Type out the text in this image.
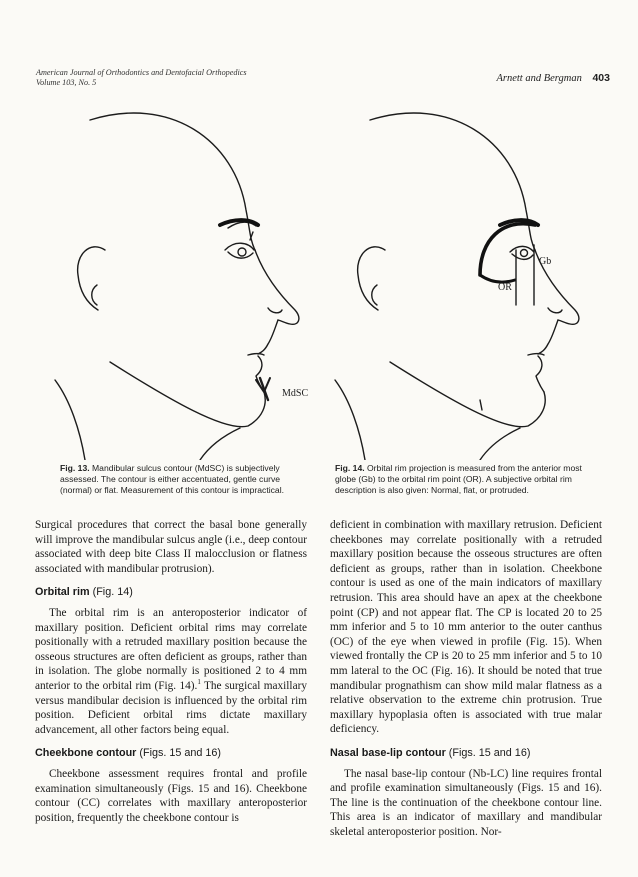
American Journal of Orthodontics and Dentofacial Orthopedics
Volume 103, No. 5	Arnett and Bergman 403
MdSC
Gb
OR
Fig. 13. Mandibular sulcus contour (MdSC) is subjectively assessed. The contour is either accentuated, gentle curve (normal) or flat. Measurement of this contour is impractical.
Fig. 14. Orbital rim projection is measured from the anterior most globe (Gb) to the orbital rim point (OR). A subjective orbital rim description is also given: Normal, flat, or protruded.

Surgical procedures that correct the basal bone generally will improve the mandibular sulcus angle (i.e., deep contour associated with deep bite Class II malocclusion or flatness associated with mandibular protrusion).

Orbital rim (Fig. 14)

The orbital rim is an anteroposterior indicator of maxillary position. Deficient orbital rims may correlate positionally with a retruded maxillary position because the osseous structures are often deficient as groups, rather than in isolation. The globe normally is positioned 2 to 4 mm anterior to the orbital rim (Fig. 14).$^1$ The surgical maxillary versus mandibular decision is influenced by the orbital rim position. Deficient orbital rims dictate maxillary advancement, all other factors being equal.

Cheekbone contour (Figs. 15 and 16)

Cheekbone assessment requires frontal and profile examination simultaneously (Figs. 15 and 16). Cheekbone contour (CC) correlates with maxillary anteroposterior position, frequently the cheekbone contour is

deficient in combination with maxillary retrusion. Deficient cheekbones may correlate positionally with a retruded maxillary position because the osseous structures are often deficient as groups, rather than in isolation. Cheekbone contour is used as one of the main indicators of maxillary retrusion. This area should have an apex at the cheekbone point (CP) and not appear flat. The CP is located 20 to 25 mm inferior and 5 to 10 mm anterior to the outer canthus (OC) of the eye when viewed in profile (Fig. 15). When viewed frontally the CP is 20 to 25 mm inferior and 5 to 10 mm lateral to the OC (Fig. 16). It should be noted that true mandibular prognathism can show mild malar flatness as a relative observation to the extreme chin protrusion. True maxillary hypoplasia often is associated with true malar deficiency.

Nasal base-lip contour (Figs. 15 and 16)

The nasal base-lip contour (Nb-LC) line requires frontal and profile examination simultaneously (Figs. 15 and 16). The line is the continuation of the cheekbone contour line. This area is an indicator of maxillary and mandibular skeletal anteroposterior position. Nor-
